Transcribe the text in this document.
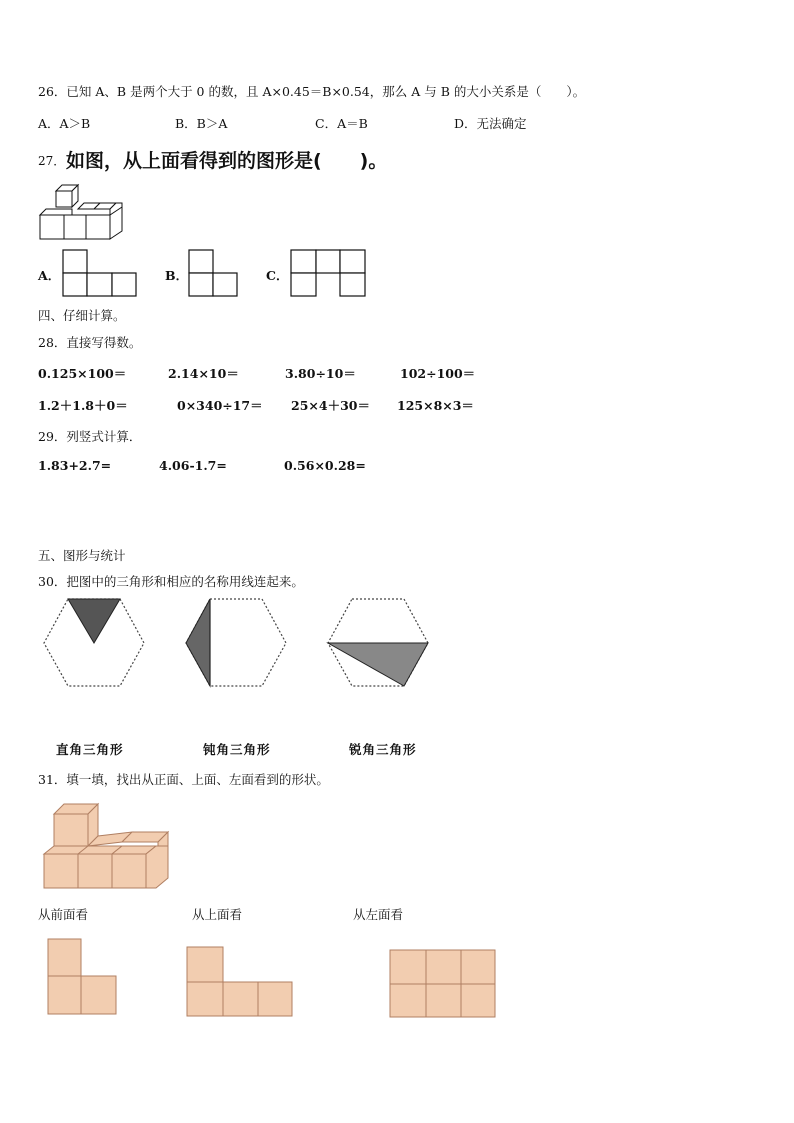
26．已知 A、B 是两个大于 0 的数，且 A×0.45＝B×0.54，那么 A 与 B 的大小关系是（　　）。
A．A＞B	B．B＞A	C．A＝B	D．无法确定
27． 如图，从上面看得到的图形是(　　)。
A．	B．	C．
四、仔细计算。
28．直接写得数。
0.125×100＝	2.14×10＝	3.80÷10＝	102÷100＝
1.2＋1.8＋0＝	0×340÷17＝ 25×4＋30＝ 125×8×3＝
29．列竖式计算．
1.83+2.7=	4.06-1.7=	0.56×0.28=
五、图形与统计
30．把图中的三角形和相应的名称用线连起来。
直角三角形	钝角三角形	锐角三角形
31．填一填，找出从正面、上面、左面看到的形状。
从前面看	从上面看	从左面看
